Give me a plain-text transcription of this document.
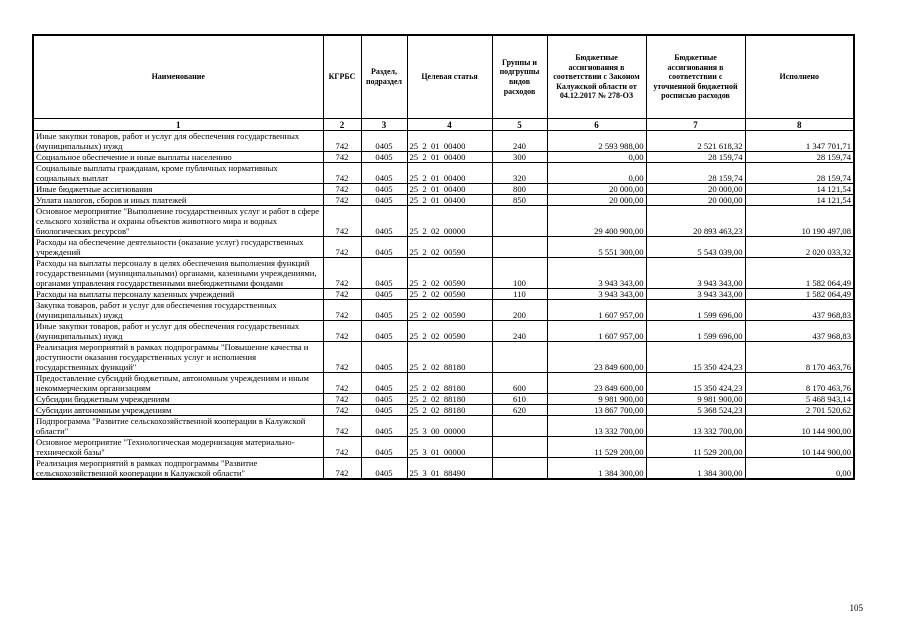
Наименование	КГРБС	Раздел, подраздел	Целевая статья	Группы и подгруппы видов расходов	Бюджетные ассигнования в соответствии с Законом Калужской области от 04.12.2017 № 278-ОЗ	Бюджетные ассигнования в соответствии с уточненной бюджетной росписью расходов	Исполнено
1	2	3	4	5	6	7	8
Иные закупки товаров, работ и услуг для обеспечения государственных (муниципальных) нужд	742	0405	25  2  01  00400	240	2 593 988,00	2 521 618,32	1 347 701,71
Социальное обеспечение и иные выплаты населению	742	0405	25  2  01  00400	300	0,00	28 159,74	28 159,74
Социальные выплаты гражданам, кроме публичных нормативных социальных выплат	742	0405	25  2  01  00400	320	0,00	28 159,74	28 159,74
Иные бюджетные ассигнования	742	0405	25  2  01  00400	800	20 000,00	20 000,00	14 121,54
Уплата налогов, сборов и иных платежей	742	0405	25  2  01  00400	850	20 000,00	20 000,00	14 121,54
Основное мероприятие "Выполнение государственных услуг и работ в сфере сельского хозяйства и охраны объектов животного мира и водных биологических ресурсов"	742	0405	25  2  02  00000		29 400 900,00	20 893 463,23	10 190 497,08
Расходы на обеспечение деятельности (оказание услуг) государственных учреждений	742	0405	25  2  02  00590		5 551 300,00	5 543 039,00	2 020 033,32
Расходы на выплаты персоналу в целях обеспечения выполнения функций государственными (муниципальными) органами, казенными учреждениями, органами управления государственными внебюджетными фондами	742	0405	25  2  02  00590	100	3 943 343,00	3 943 343,00	1 582 064,49
Расходы на выплаты персоналу казенных учреждений	742	0405	25  2  02  00590	110	3 943 343,00	3 943 343,00	1 582 064,49
Закупка товаров, работ и услуг для обеспечения государственных (муниципальных) нужд	742	0405	25  2  02  00590	200	1 607 957,00	1 599 696,00	437 968,83
Иные закупки товаров, работ и услуг для обеспечения государственных (муниципальных) нужд	742	0405	25  2  02  00590	240	1 607 957,00	1 599 696,00	437 968,83
Реализация мероприятий в рамках подпрограммы "Повышение качества и доступности оказания государственных услуг и исполнения государственных функций"	742	0405	25  2  02  88180		23 849 600,00	15 350 424,23	8 170 463,76
Предоставление субсидий бюджетным, автономным учреждениям и иным некоммерческим организациям	742	0405	25  2  02  88180	600	23 849 600,00	15 350 424,23	8 170 463,76
Субсидии бюджетным учреждениям	742	0405	25  2  02  88180	610	9 981 900,00	9 981 900,00	5 468 943,14
Субсидии автономным учреждениям	742	0405	25  2  02  88180	620	13 867 700,00	5 368 524,23	2 701 520,62
Подпрограмма "Развитие сельскохозяйственной кооперации в Калужской области"	742	0405	25  3  00  00000		13 332 700,00	13 332 700,00	10 144 900,00
Основное мероприятие "Технологическая модернизация материально-технической базы"	742	0405	25  3  01  00000		11 529 200,00	11 529 200,00	10 144 900,00
Реализация мероприятий в рамках подпрограммы "Развитие сельскохозяйственной кооперации в Калужской области"	742	0405	25  3  01  88490		1 384 300,00	1 384 300,00	0,00
105
